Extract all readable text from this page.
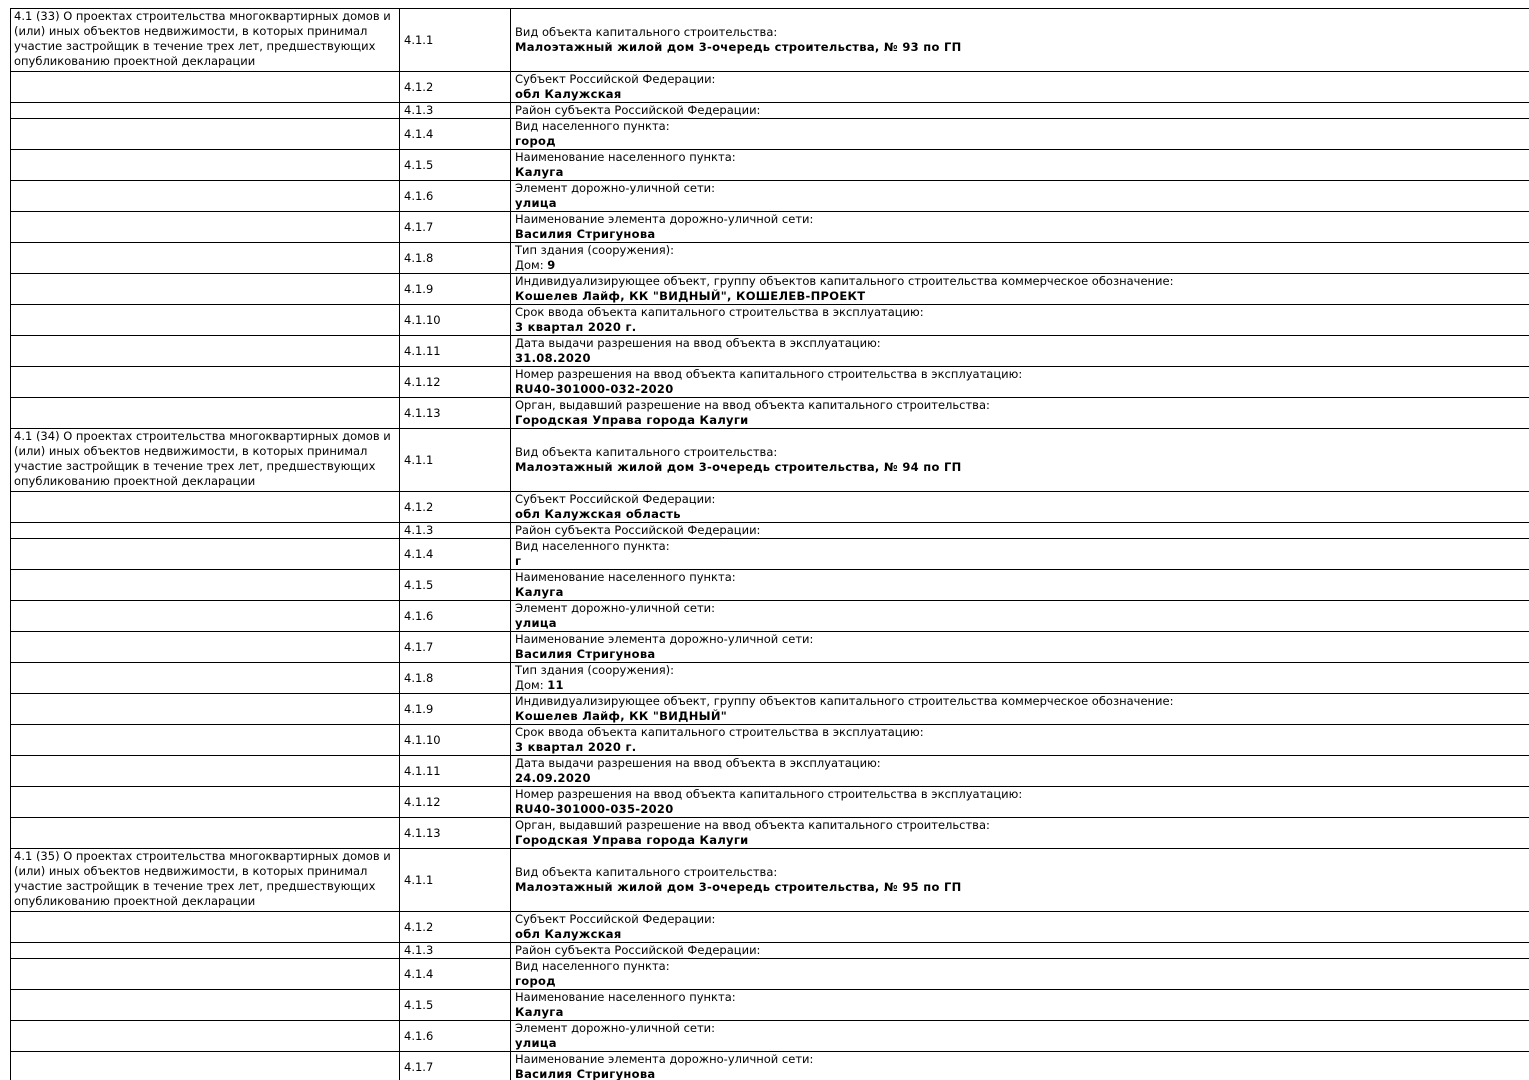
4.1 (33) О проектах строительства многоквартирных домов и (или) иных объектов недвижимости, в которых принимал участие застройщик в течение трех лет, предшествующих опубликованию проектной декларации	4.1.1	Вид объекта капитального строительства:
Малоэтажный жилой дом 3-очередь строительства, № 93 по ГП

	4.1.2	Субъект Российской Федерации:
обл Калужская

	4.1.3	Район субъекта Российской Федерации:

	4.1.4	Вид населенного пункта:
город

	4.1.5	Наименование населенного пункта:
Калуга

	4.1.6	Элемент дорожно-уличной сети:
улица

	4.1.7	Наименование элемента дорожно-уличной сети:
Василия Стригунова

	4.1.8	Тип здания (сооружения):
Дом: 9

	4.1.9	Индивидуализирующее объект, группу объектов капитального строительства коммерческое обозначение:
Кошелев Лайф, КК "ВИДНЫЙ", КОШЕЛЕВ-ПРОЕКТ

	4.1.10	Срок ввода объекта капитального строительства в эксплуатацию:
3 квартал 2020 г.

	4.1.11	Дата выдачи разрешения на ввод объекта в эксплуатацию:
31.08.2020

	4.1.12	Номер разрешения на ввод объекта капитального строительства в эксплуатацию:
RU40-301000-032-2020

	4.1.13	Орган, выдавший разрешение на ввод объекта капитального строительства:
Городская Управа города Калуги

4.1 (34) О проектах строительства многоквартирных домов и (или) иных объектов недвижимости, в которых принимал участие застройщик в течение трех лет, предшествующих опубликованию проектной декларации	4.1.1	Вид объекта капитального строительства:
Малоэтажный жилой дом 3-очередь строительства, № 94 по ГП

	4.1.2	Субъект Российской Федерации:
обл Калужская область

	4.1.3	Район субъекта Российской Федерации:

	4.1.4	Вид населенного пункта:
г

	4.1.5	Наименование населенного пункта:
Калуга

	4.1.6	Элемент дорожно-уличной сети:
улица

	4.1.7	Наименование элемента дорожно-уличной сети:
Василия Стригунова

	4.1.8	Тип здания (сооружения):
Дом: 11

	4.1.9	Индивидуализирующее объект, группу объектов капитального строительства коммерческое обозначение:
Кошелев Лайф, КК "ВИДНЫЙ"

	4.1.10	Срок ввода объекта капитального строительства в эксплуатацию:
3 квартал 2020 г.

	4.1.11	Дата выдачи разрешения на ввод объекта в эксплуатацию:
24.09.2020

	4.1.12	Номер разрешения на ввод объекта капитального строительства в эксплуатацию:
RU40-301000-035-2020

	4.1.13	Орган, выдавший разрешение на ввод объекта капитального строительства:
Городская Управа города Калуги

4.1 (35) О проектах строительства многоквартирных домов и (или) иных объектов недвижимости, в которых принимал участие застройщик в течение трех лет, предшествующих опубликованию проектной декларации	4.1.1	Вид объекта капитального строительства:
Малоэтажный жилой дом 3-очередь строительства, № 95 по ГП

	4.1.2	Субъект Российской Федерации:
обл Калужская

	4.1.3	Район субъекта Российской Федерации:

	4.1.4	Вид населенного пункта:
город

	4.1.5	Наименование населенного пункта:
Калуга

	4.1.6	Элемент дорожно-уличной сети:
улица

	4.1.7	Наименование элемента дорожно-уличной сети:
Василия Стригунова
